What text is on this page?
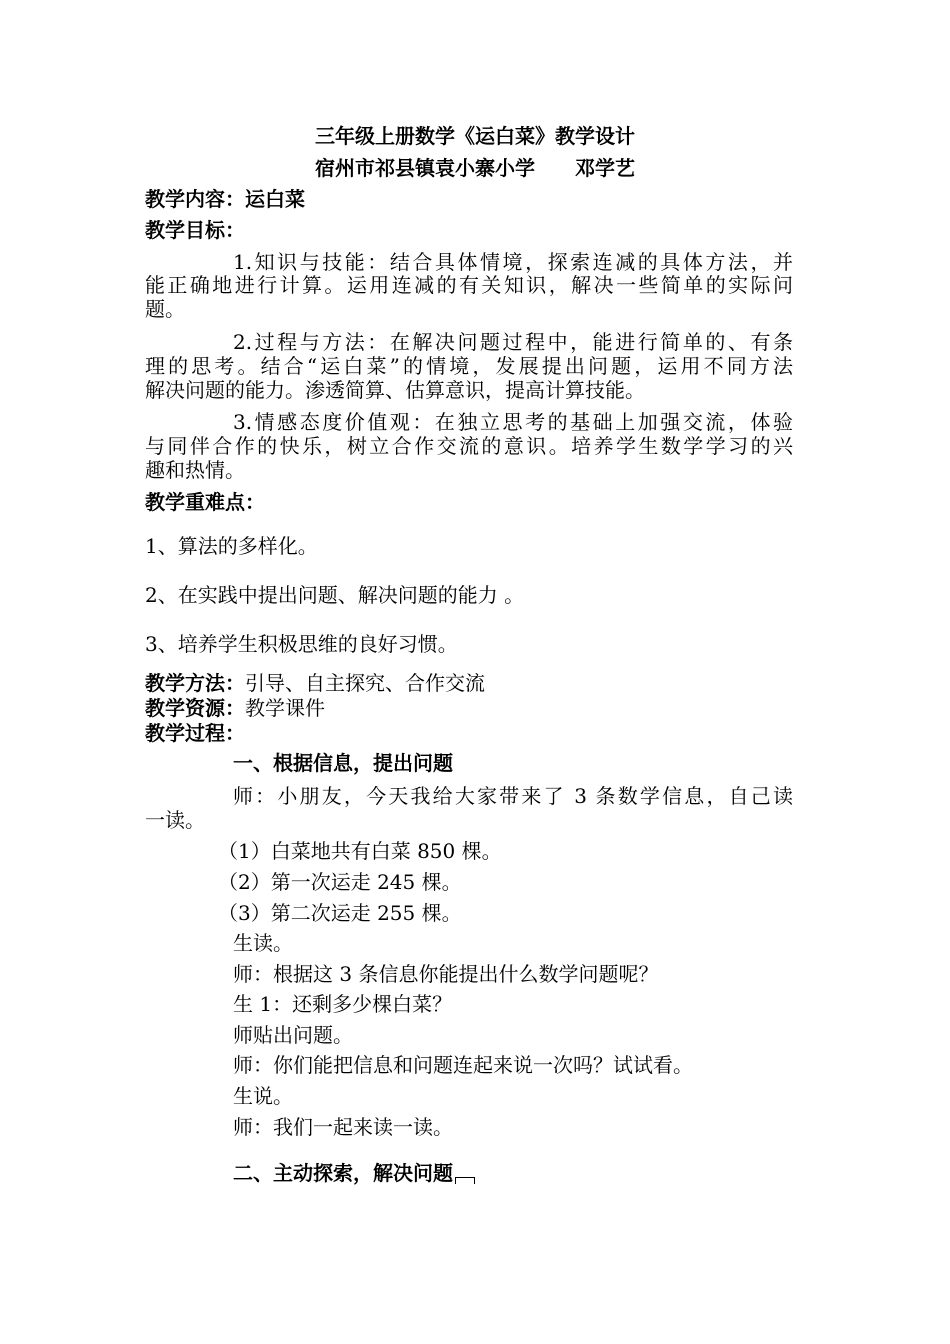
三年级上册数学《运白菜》教学设计
宿州市祁县镇袁小寨小学　　邓学艺
教学内容：运白菜
教学目标：
1.知识与技能：结合具体情境，探索连减的具体方法，并
能正确地进行计算。运用连减的有关知识，解决一些简单的实际问
题。
2.过程与方法：在解决问题过程中，能进行简单的、有条
理的思考。结合“运白菜”的情境，发展提出问题，运用不同方法
解决问题的能力。渗透简算、估算意识，提高计算技能。
3.情感态度价值观：在独立思考的基础上加强交流，体验
与同伴合作的快乐，树立合作交流的意识。培养学生数学学习的兴
趣和热情。
教学重难点：
1、算法的多样化。
2、在实践中提出问题、解决问题的能力 。
3、培养学生积极思维的良好习惯。
教学方法：引导、自主探究、合作交流
教学资源：教学课件
教学过程：
一、根据信息，提出问题
师：小朋友，今天我给大家带来了 3 条数学信息，自己读
一读。
（1）白菜地共有白菜 850 棵。
（2）第一次运走 245 棵。
（3）第二次运走 255 棵。
生读。
师：根据这 3 条信息你能提出什么数学问题呢？
生 1：还剩多少棵白菜？
师贴出问题。
师：你们能把信息和问题连起来说一次吗？试试看。
生说。
师：我们一起来读一读。
二、主动探索，解决问题
